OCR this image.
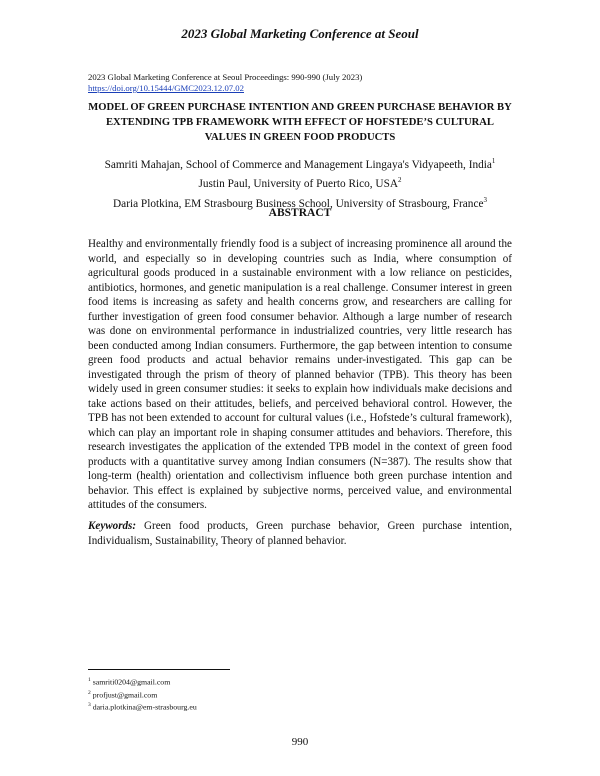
2023 Global Marketing Conference at Seoul
2023 Global Marketing Conference at Seoul Proceedings: 990-990 (July 2023)
https://doi.org/10.15444/GMC2023.12.07.02
MODEL OF GREEN PURCHASE INTENTION AND GREEN PURCHASE BEHAVIOR BY EXTENDING TPB FRAMEWORK WITH EFFECT OF HOFSTEDE’S CULTURAL VALUES IN GREEN FOOD PRODUCTS
Samriti Mahajan, School of Commerce and Management Lingaya's Vidyapeeth, India$^1$
Justin Paul, University of Puerto Rico, USA$^2$
Daria Plotkina, EM Strasbourg Business School, University of Strasbourg, France$^3$
ABSTRACT
Healthy and environmentally friendly food is a subject of increasing prominence all around the world, and especially so in developing countries such as India, where consumption of agricultural goods produced in a sustainable environment with a low reliance on pesticides, antibiotics, hormones, and genetic manipulation is a real challenge. Consumer interest in green food items is increasing as safety and health concerns grow, and researchers are calling for further investigation of green food consumer behavior. Although a large number of research was done on environmental performance in industrialized countries, very little research has been conducted among Indian consumers. Furthermore, the gap between intention to consume green food products and actual behavior remains under-investigated. This gap can be investigated through the prism of theory of planned behavior (TPB). This theory has been widely used in green consumer studies: it seeks to explain how individuals make decisions and take actions based on their attitudes, beliefs, and perceived behavioral control. However, the TPB has not been extended to account for cultural values (i.e., Hofstede’s cultural framework), which can play an important role in shaping consumer attitudes and behaviors. Therefore, this research investigates the application of the extended TPB model in the context of green food products with a quantitative survey among Indian consumers (N=387). The results show that long-term (health) orientation and collectivism influence both green purchase intention and behavior. This effect is explained by subjective norms, perceived value, and environmental attitudes of the consumers.
Keywords: Green food products, Green purchase behavior, Green purchase intention, Individualism, Sustainability, Theory of planned behavior.
$^1$ samriti0204@gmail.com
$^2$ profjust@gmail.com
$^3$ daria.plotkina@em-strasbourg.eu
990
